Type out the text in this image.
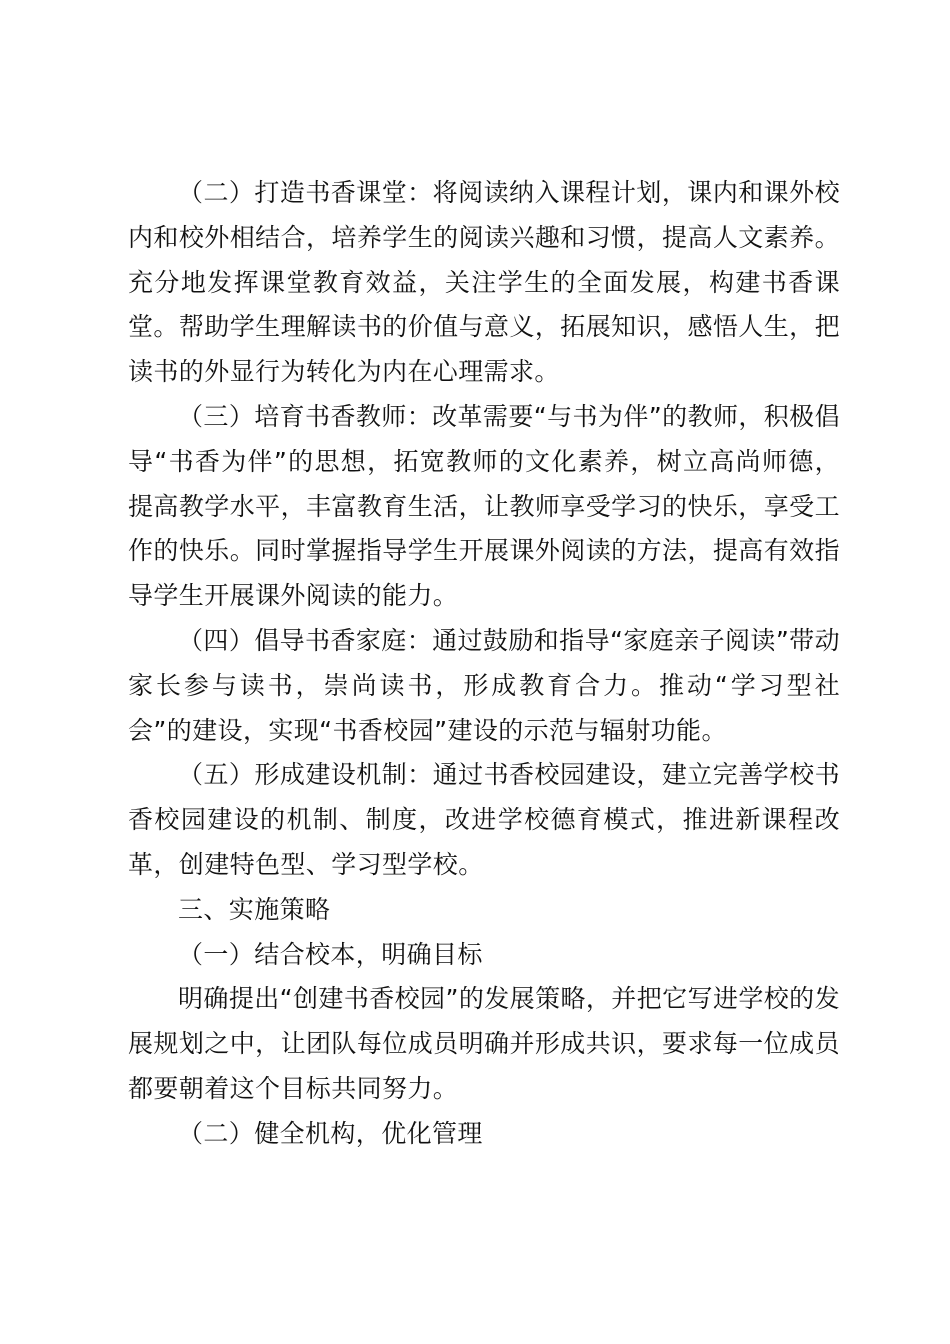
（二）打造书香课堂：将阅读纳入课程计划，课内和课外校内和校外相结合，培养学生的阅读兴趣和习惯，提高人文素养。充分地发挥课堂教育效益，关注学生的全面发展，构建书香课堂。帮助学生理解读书的价值与意义，拓展知识，感悟人生，把读书的外显行为转化为内在心理需求。

（三）培育书香教师：改革需要“与书为伴”的教师，积极倡导“书香为伴”的思想，拓宽教师的文化素养，树立高尚师德，提高教学水平，丰富教育生活，让教师享受学习的快乐，享受工作的快乐。同时掌握指导学生开展课外阅读的方法，提高有效指导学生开展课外阅读的能力。

（四）倡导书香家庭：通过鼓励和指导“家庭亲子阅读”带动家长参与读书，崇尚读书，形成教育合力。推动“学习型社会”的建设，实现“书香校园”建设的示范与辐射功能。

（五）形成建设机制：通过书香校园建设，建立完善学校书香校园建设的机制、制度，改进学校德育模式，推进新课程改革，创建特色型、学习型学校。

三、实施策略

（一）结合校本，明确目标

明确提出“创建书香校园”的发展策略，并把它写进学校的发展规划之中，让团队每位成员明确并形成共识，要求每一位成员都要朝着这个目标共同努力。

（二）健全机构，优化管理
